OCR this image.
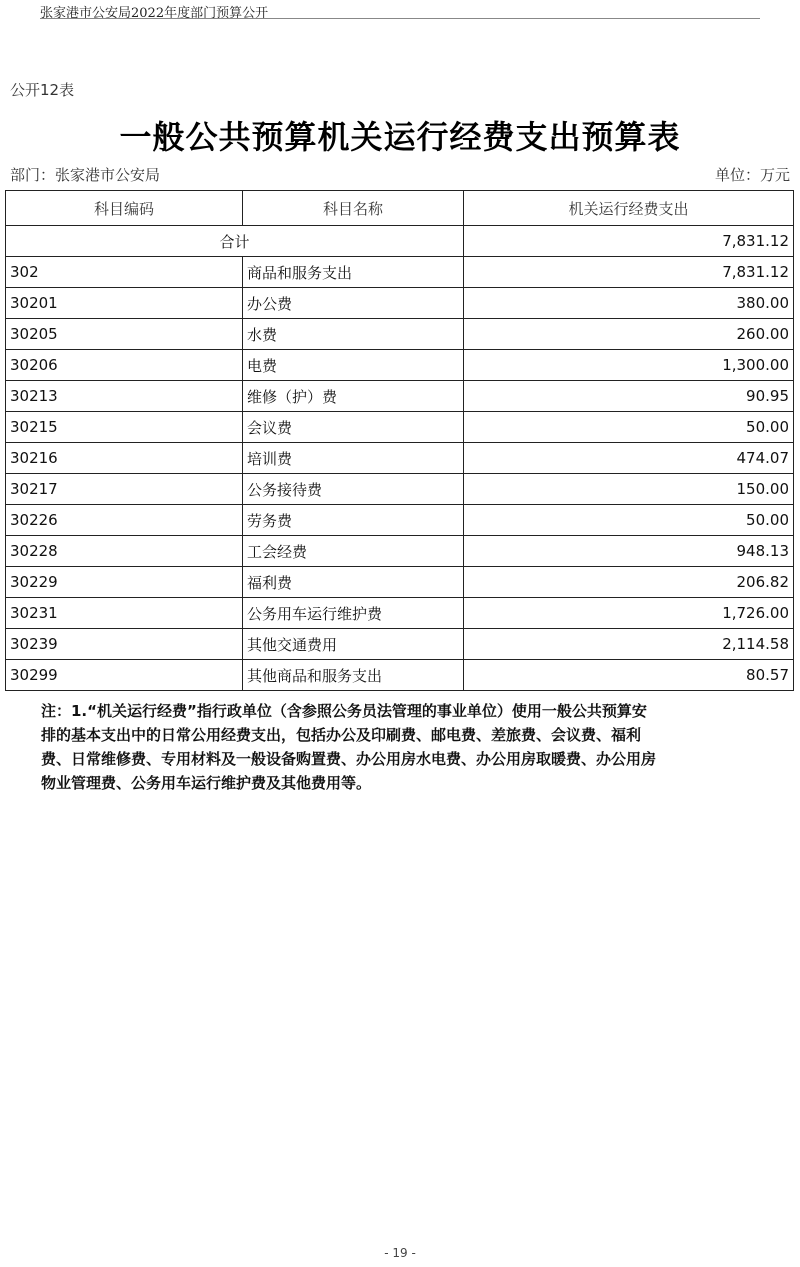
张家港市公安局2022年度部门预算公开
公开12表
一般公共预算机关运行经费支出预算表
部门：张家港市公安局	单位：万元
科目编码	科目名称	机关运行经费支出
合计		7,831.12
302	商品和服务支出	7,831.12
30201	办公费	380.00
30205	水费	260.00
30206	电费	1,300.00
30213	维修（护）费	90.95
30215	会议费	50.00
30216	培训费	474.07
30217	公务接待费	150.00
30226	劳务费	50.00
30228	工会经费	948.13
30229	福利费	206.82
30231	公务用车运行维护费	1,726.00
30239	其他交通费用	2,114.58
30299	其他商品和服务支出	80.57
注：1.“机关运行经费”指行政单位（含参照公务员法管理的事业单位）使用一般公共预算安
排的基本支出中的日常公用经费支出，包括办公及印刷费、邮电费、差旅费、会议费、福利
费、日常维修费、专用材料及一般设备购置费、办公用房水电费、办公用房取暖费、办公用房
物业管理费、公务用车运行维护费及其他费用等。
- 19 -
